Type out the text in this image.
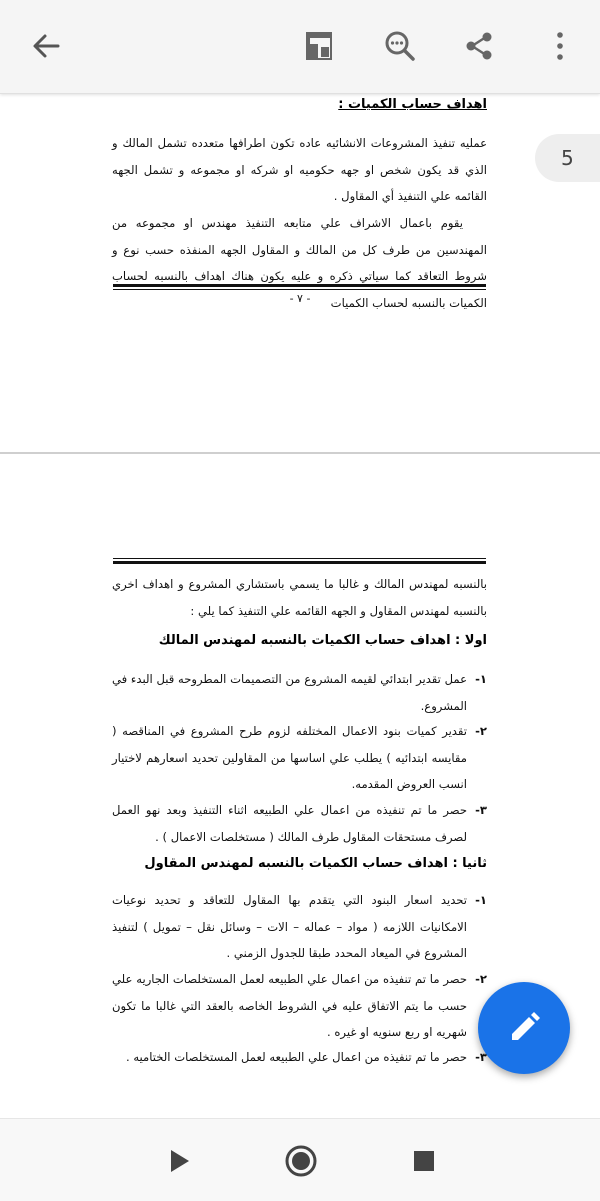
اهداف حساب الكميات :

عمليه تنفيذ المشروعات الانشائيه عاده تكون اطرافها متعدده تشمل المالك و الذي قد يكون شخص او جهه حكوميه او شركه او مجموعه و تشمل الجهه القائمه علي التنفيذ أي المقاول .

يقوم باعمال الاشراف علي متابعه التنفيذ مهندس او مجموعه من المهندسين من طرف كل من المالك و المقاول الجهه المنفذه حسب نوع و شروط التعاقد كما سياتي ذكره و عليه يكون هناك اهداف بالنسبه لحساب الكميات بالنسبه لحساب الكميات

- ٧ -

بالنسبه لمهندس المالك و غالبا ما يسمي باستشاري المشروع و اهداف اخري بالنسبه لمهندس المقاول و الجهه القائمه علي التنفيذ كما يلي :

اولا : اهداف حساب الكميات بالنسبه لمهندس المالك

١-
عمل تقدير ابتدائي لقيمه المشروع من التصميمات المطروحه قبل البدء في المشروع.
٢-
تقدير كميات بنود الاعمال المختلفه لزوم طرح المشروع في المناقصه ( مقايسه ابتدائيه ) يطلب علي اساسها من المقاولين تحديد اسعارهم لاختيار انسب العروض المقدمه.
٣-
حصر ما تم تنفيذه من اعمال علي الطبيعه اثناء التنفيذ وبعد نهو العمل لصرف مستحقات المقاول طرف المالك ( مستخلصات الاعمال ) .

ثانيا : اهداف حساب الكميات بالنسبه لمهندس المقاول

١-
تحديد اسعار البنود التي يتقدم بها المقاول للتعاقد و تحديد نوعيات الامكانيات اللازمه ( مواد – عماله – الات – وسائل نقل – تمويل ) لتنفيذ المشروع في الميعاد المحدد طبقا للجدول الزمني .
٢-
حصر ما تم تنفيذه من اعمال علي الطبيعه لعمل المستخلصات الجاريه علي حسب ما يتم الاتفاق عليه في الشروط الخاصه بالعقد التي غالبا ما تكون شهريه او ربع سنويه او غيره .
٣-
حصر ما تم تنفيذه من اعمال علي الطبيعه لعمل المستخلصات الختاميه .
5
